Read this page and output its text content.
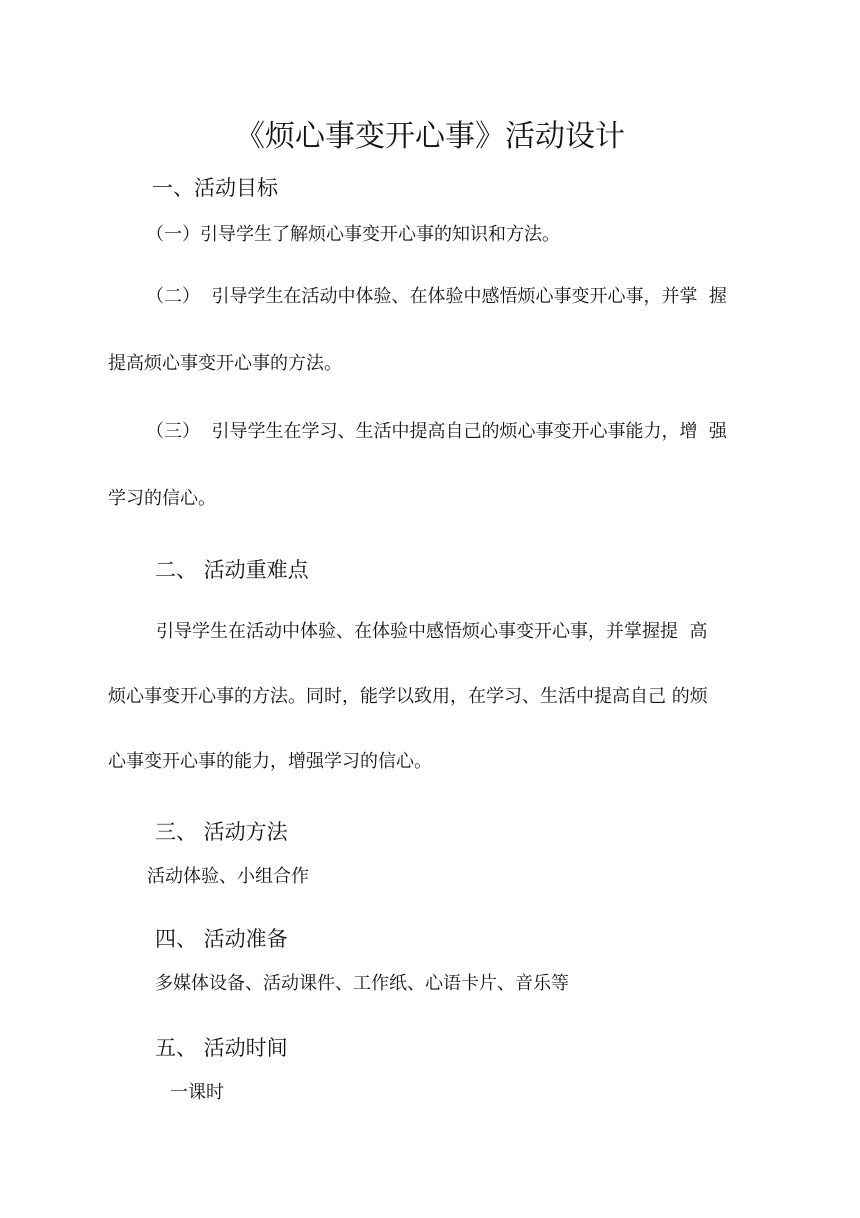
《烦心事变开心事》活动设计
一、活动目标
（一）引导学生了解烦心事变开心事的知识和方法。
（二）  引导学生在活动中体验、在体验中感悟烦心事变开心事，并掌  握
提高烦心事变开心事的方法。
（三）  引导学生在学习、生活中提高自己的烦心事变开心事能力，增  强
学习的信心。
二、 活动重难点
引导学生在活动中体验、在体验中感悟烦心事变开心事，并掌握提  高
烦心事变开心事的方法。同时，能学以致用，在学习、生活中提高自己 的烦
心事变开心事的能力，增强学习的信心。
三、 活动方法
活动体验、小组合作
四、 活动准备
多媒体设备、活动课件、工作纸、心语卡片、音乐等
五、 活动时间
一课时
